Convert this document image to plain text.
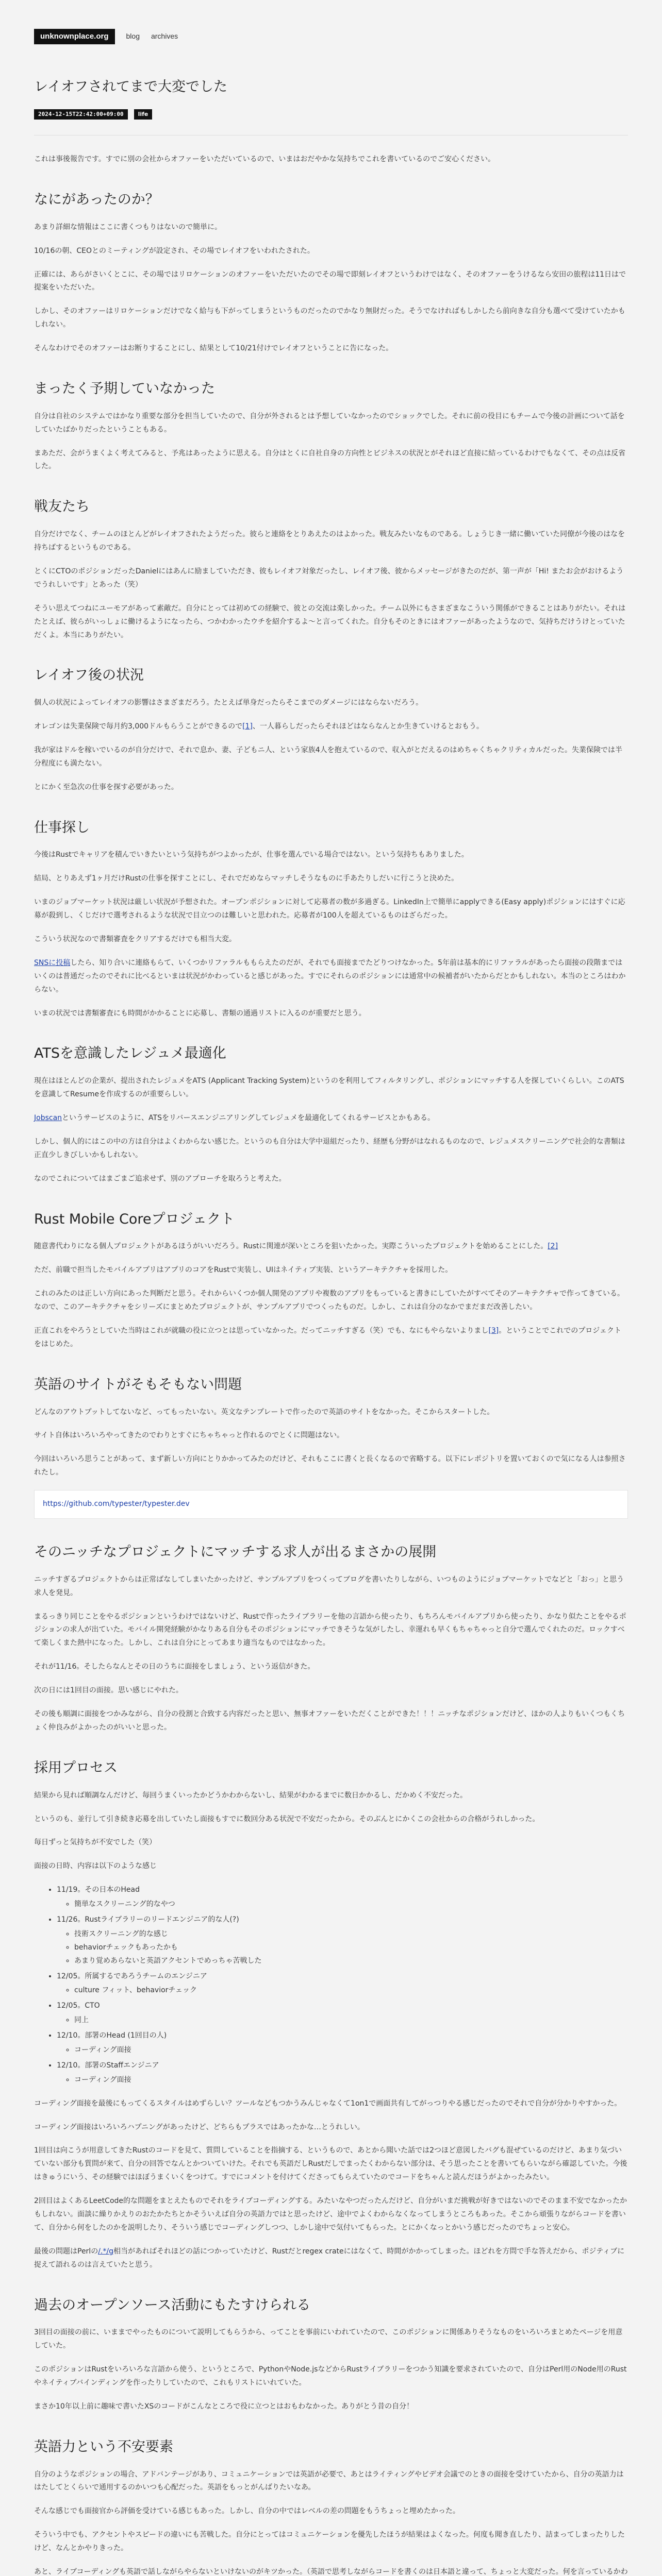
unknownplace.org	blog archives
レイオフされてまで大変でした
2024-12-15T22:42:00+09:00	life

これは事後報告です。すでに別の会社からオファーをいただいているので、いまはおだやかな気持ちでこれを書いているのでご安心ください。

なにがあったのか？

あまり詳細な情報はここに書くつもりはないので簡単に。

10/16の朝、CEOとのミーティングが設定され、その場でレイオフをいわれたされた。

正確には、あらがさいくとこに、その場ではリロケーションのオファーをいただいたのでその場で即刻レイオフというわけではなく、そのオファーをうけるなら安田の旅程は11日はで提案をいただいた。

しかし、そのオファーはリロケーションだけでなく給与も下がってしまうというものだったのでかなり無財だった。そうでなければもしかしたら前向きな自分も選べて受けていたかもしれない。

そんなわけでそのオファーはお断りすることにし、結果として10/21付けでレイオフということに告になった。

まったく予期していなかった

自分は自社のシステムではかなり重要な部分を担当していたので、自分が外されるとは予想していなかったのでショックでした。それに前の役目にもチームで今後の計画について話をしていたばかりだったということもある。

まあただ、会がうまくよく考えてみると、予兆はあったように思える。自分はとくに自社自身の方向性とビジネスの状況とがそれほど直接に結っているわけでもなくて、その点は反省した。

戦友たち

自分だけでなく、チームのほとんどがレイオフされたようだった。彼らと連絡をとりあえたのはよかった。戦友みたいなものである。しょうじき一緒に働いていた同僚が今後のはなを持ちばするというものである。

とくにCTOのポジションだったDanielにはあんに励ましていただき、彼もレイオフ対象だったし、レイオフ後、彼からメッセージがきたのだが、第一声が「Hi! またお会がおけるようでうれしいです」とあった（笑）

そうい思えてつねにユーモアがあって素敵だ。自分にとっては初めての経験で、彼との交流は楽しかった。チーム以外にもさまざまなこういう関係ができることはありがたい。それはたとえば、彼らがいっしょに働けるようになったら、つかわかったウチを紹介するよ〜と言ってくれた。自分もそのときにはオファーがあったようなので、気持ちだけうけとっていただくよ。本当にありがたい。

レイオフ後の状況

個人の状況によってレイオフの影響はさまざまだろう。たとえば単身だったらそこまでのダメージにはならないだろう。

オレゴンは失業保険で毎月約3,000ドルもらうことができるので[1]、一人暮らしだったらそれほどはならなんとか生きていけるとおもう。

我が家はドルを稼いでいるのが自分だけで、それで息か、妻、子どもニ人、という家族4人を抱えているので、収入がとだえるのはめちゃくちゃクリティカルだった。失業保険では半分程度にも満たない。

とにかく至急次の仕事を探す必要があった。

仕事探し

今後はRustでキャリアを積んでいきたいという気持ちがつよかったが、仕事を選んでいる場合ではない。という気持ちもありました。

結局、とりあえず1ヶ月だけRustの仕事を探すことにし、それでだめならマッチしそうなものに手あたりしだいに行こうと決めた。

いまのジョブマーケット状況は厳しい状況が予想された。オープンポジションに対して応募者の数が多過ぎる。LinkedIn上で簡単にapplyできる(Easy apply)ポジションにはすぐに応募が殺到し、くじだけで選考されるような状況で目立つのは難しいと思われた。応募者が100人を超えているものはざらだった。

こういう状況なので書類審査をクリアするだけでも相当大変。

SNSに投稿したら、知り合いに連絡もらて、いくつかリファラルももらえたのだが、それでも面接までたどりつけなかった。5年前は基本的にリファラルがあったら面接の段階まではいくのは普通だったのでそれに比べるといまは状況がかわっていると感じがあった。すでにそれらのポジションには通常中の候補者がいたからだとかもしれない。本当のところはわからない。

いまの状況では書類審査にも時間がかかることに応募し、書類の通過リストに入るのが重要だと思う。

ATSを意識したレジュメ最適化

現在はほとんどの企業が、提出されたレジュメをATS (Applicant Tracking System)というのを利用してフィルタリングし、ポジションにマッチする人を探していくらしい。このATSを意識してResumeを作成するのが重要らしい。

Jobscanというサービスのように、ATSをリバースエンジニアリングしてレジュメを最適化してくれるサービスとかもある。

しかし、個人的にはこの中の方は自分はよくわからない感じた。というのも自分は大学中退組だったり、経歴も分野がはなれるものなので、レジュメスクリーニングで社会的な書類は正直少しきびしいかもしれない。

なのでこれについてはまごまご追求せず、別のアプローチを取ろうと考えた。

Rust Mobile Coreプロジェクト

随意書代わりになる個人プロジェクトがあるほうがいいだろう。Rustに関連が深いところを狙いたかった。実際こういったプロジェクトを始めることにした。[2]

ただ、前職で担当したモバイルアプリはアプリのコアをRustで実装し、UIはネイティブ実装、というアーキテクチャを採用した。

これのみたのは正しい方向にあった判断だと思う。それからいくつか個人開発のアプリや複数のアプリをもっていると書きにしていたがすべてそのアーキテクチャで作ってきている。なので、このアーキテクチャをシリーズにまとめたプロジェクトが、サンプルアプリでつくったものだ。しかし、これは自分のなかでまだまだ改善したい。

正直これをやろうとしていた当時はこれが就職の役に立つとは思っていなかった。だってニッチすぎる（笑）でも、なにもやらないよりまし[3]。ということでこれでのプロジェクトをはじめた。

英語のサイトがそもそもない問題

どんなのアウトプットしてないなど、ってもったいない。英文なテンプレートで作ったので英語のサイトをなかった。そこからスタートした。

サイト自体はいろいろやってきたのでわりとすぐにちゃちゃっと作れるのでとくに問題はない。

今回はいろいろ思うことがあって、まず新しい方向にとりかかってみたのだけど、それもここに書くと長くなるので省略する。以下にレポジトリを置いておくので気になる人は参照されたし。

https://github.com/typester/typester.dev
そのニッチなプロジェクトにマッチする求人が出るまさかの展開

ニッチすぎるプロジェクトからは正常ばなしてしまいたかったけど、サンプルアプリをつくってブログを書いたりしながら、いつものようにジョブマーケットでなどと「おっ」と思う求人を発見。

まるっきり同じことをやるポジションというわけではないけど、Rustで作ったライブラリーを他の言語から使ったり、もちろんモバイルアプリから使ったり、かなり似たことをやるポジションの求人が出ていた。モバイル開発経験がかなりある自分もそのポジションにマッチできそうな気がしたし、幸運れも早くもちゃちゃっと自分で選んでくれたのだ。ロックすべて楽しくまた熱中になった。しかし、これは自分にとってあまり適当なものではなかった。

それが11/16。そしたらなんとその日のうちに面接をしましょう、という返信がきた。

次の日には1回目の面接。思い感じにやれた。

その後も順調に面接をつかみながら、自分の役割と合致する内容だったと思い、無事オファーをいただくことができた！！！ニッチなポジションだけど、ほかの人よりもいくつもくちょく仲良みがよかったのがいいと思った。

採用プロセス

結果から見れば順調なんだけど、毎回うまくいったかどうかわからないし、結果がわかるまでに数日かかるし、だかめく不安だった。

というのも、並行して引き続き応募を出していたし面接もすでに数回分ある状況で不安だったから。そのぶんとにかくこの会社からの合格がうれしかった。

毎日ずっと気持ちが不安でした（笑）

面接の日時、内容は以下のような感じ

• 11/19。その日本のHead
◦ 簡単なスクリーニング的なやつ
• 11/26。Rustライブラリーのリードエンジニア的な人(?)
◦ 技術スクリーニング的な感じ
◦ behaviorチェックもあったかも
◦ あまり覚めあらないと英語アクセントでめっちゃ苦戦した
• 12/05。所属するであろうチームのエンジニア
◦ culture フィット、behaviorチェック
• 12/05。CTO
◦ 同上
• 12/10。部署のHead (1回目の人)
◦ コーディング面接
• 12/10。部署のStaffエンジニア
◦ コーディング面接

コーディング面接を最後にもってくるスタイルはめずらしい？ツールなどもつかうみんじゃなくて1on1で画面共有してがっつりやる感じだったのでそれで自分が分かりやすかった。

コーディング面接はいろいろハプニングがあったけど、どちらもプラスではあったかな…とうれしい。

1回目は向こうが用意してきたRustのコードを見て、質問していることを指摘する、というもので、あとから聞いた話では2つほど意図したバグも混ぜているのだけど、あまり気づいていない部分も質問が来て、自分の回答でなんとかついていけた。それでも英語だしRustだしでまったくわからない部分は、そう思ったことを書いてもらいながら確認していた。今後はきゅうにいう、その経験ではほぼうまくいくをつけて。すでにコメントを付けてくださってもらえていたのでコードをちゃんと読んだほうがよかったみたい。

2回目はよくあるLeetCode的な問題をまとえたものでそれをライブコーディングする。みたいなやつだったんだけど、自分がいまだ挑戦が好きではないのでそのまま不安でなかったかもしれない。面談に繰りかえりのおたかたちとかそういえば自分の英語力ではと思ったけど、途中でよくわからなくなってしまうところもあった。そこから頑張りながらコードを書いて、自分から何をしたのかを説明したり、そういう感じでコーディングしつつ、しかし途中で気付いてもらった。とにかくなっとかいう感じだったのでちょっと安心。

最後の問題はPerlの/.*/g相当があればそれほどの話につかっていたけど、Rustだとregex crateにはなくて、時間がかかってしまった。ほどれを方問で手な答えだから、ポジティブに捉えて語れるのは言えていたと思う。

過去のオープンソース活動にもたすけられる

3回目の面接の前に、いままでやったものについて説明してもらうから、ってことを事前にいわれていたので、このポジションに関係ありそうなものをいろいろまとめたページを用意していた。

このポジションはRustをいろいろな言語から使う、というところで、PythonやNode.jsなどからRustライブラリーをつかう知識を要求されていたので、自分はPerl用のNode用のRustやネイティブバインディングを作ったりしていたので、これもリストにいれていた。

まさか10年以上前に趣味で書いたXSのコードがこんなところで役に立つとはおもわなかった。ありがとう昔の自分！

英語力という不安要素

自分のようなポジションの場合、アドバンテージがあり、コミュニケーションでは英語が必要で、あとはライティングやビデオ会議でのときの面接を受けていたから、自分の英語力ははたしてとくらいで通用するのかいつも心配だった。英語をもっとがんばりたいなあ。

そんな感じでも面接官から評価を受けている感じもあった。しかし、自分の中ではレベルの差の問題をもうちょっと埋めたかった。

そういう中でも、アクセントやスピードの違いにも苦戦した。自分にとってはコミュニケーションを優先したほうが結果はよくなった。何度も聞き直したり、詰まってしまったりしたけど、なんとかやりきった。

あと、ライブコーディングも英語で話しながらやらないといけないのがキツかった。（英語で思考しながらコードを書くのは日本語と違って、ちょっと大変だった。何を言っているかわ
